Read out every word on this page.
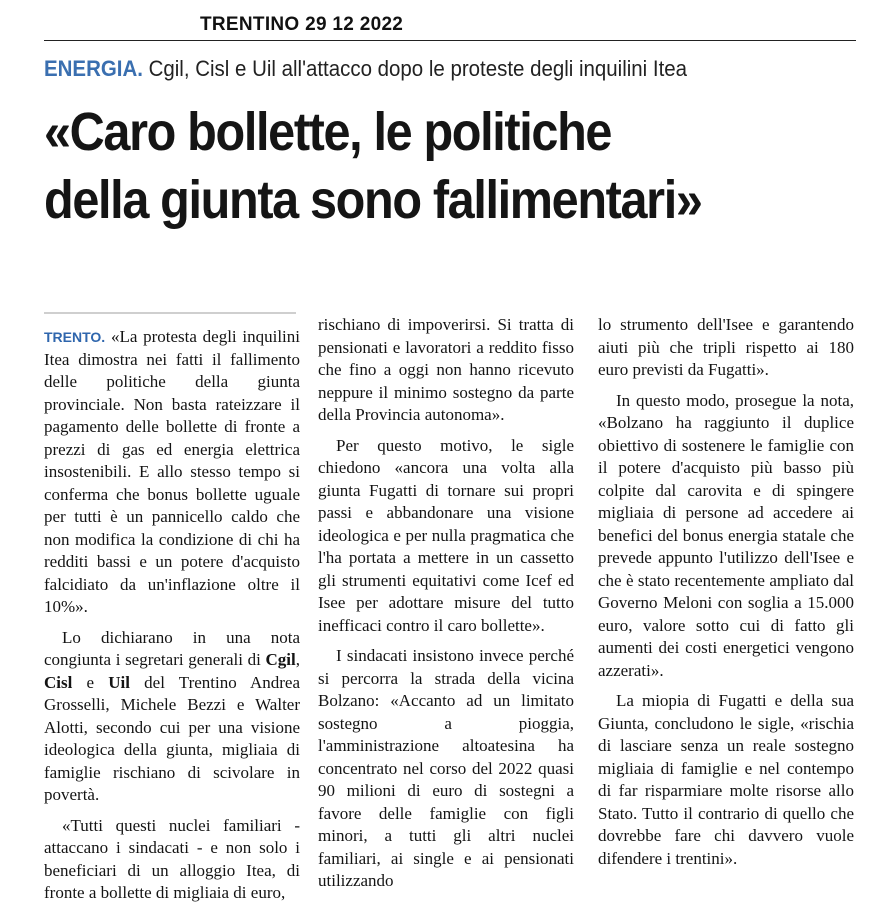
TRENTINO 29 12 2022
ENERGIA. Cgil, Cisl e Uil all'attacco dopo le proteste degli inquilini Itea
«Caro bollette, le politiche
della giunta sono fallimentari»

TRENTO. «La protesta degli inquilini Itea dimostra nei fatti il fallimento delle politiche della giunta provinciale. Non basta rateizzare il pagamento delle bollette di fronte a prezzi di gas ed energia elettrica insostenibili. E allo stesso tempo si conferma che bonus bollette uguale per tutti è un pannicello caldo che non modifica la condizione di chi ha redditi bassi e un potere d'acquisto falcidiato da un'inflazione oltre il 10%».

Lo dichiarano in una nota congiunta i segretari generali di Cgil, Cisl e Uil del Trentino Andrea Grosselli, Michele Bezzi e Walter Alotti, secondo cui per una visione ideologica della giunta, migliaia di famiglie rischiano di scivolare in povertà.

«Tutti questi nuclei familiari - attaccano i sindacati - e non solo i beneficiari di un alloggio Itea, di fronte a bollette di migliaia di euro,

rischiano di impoverirsi. Si tratta di pensionati e lavoratori a reddito fisso che fino a oggi non hanno ricevuto neppure il minimo sostegno da parte della Provincia autonoma».

Per questo motivo, le sigle chiedono «ancora una volta alla giunta Fugatti di tornare sui propri passi e abbandonare una visione ideologica e per nulla pragmatica che l'ha portata a mettere in un cassetto gli strumenti equitativi come Icef ed Isee per adottare misure del tutto inefficaci contro il caro bollette».

I sindacati insistono invece perché si percorra la strada della vicina Bolzano: «Accanto ad un limitato sostegno a pioggia, l'amministrazione altoatesina ha concentrato nel corso del 2022 quasi 90 milioni di euro di sostegni a favore delle famiglie con figli minori, a tutti gli altri nuclei familiari, ai single e ai pensionati utilizzando

lo strumento dell'Isee e garantendo aiuti più che tripli rispetto ai 180 euro previsti da Fugatti».

In questo modo, prosegue la nota, «Bolzano ha raggiunto il duplice obiettivo di sostenere le famiglie con il potere d'acquisto più basso più colpite dal carovita e di spingere migliaia di persone ad accedere ai benefici del bonus energia statale che prevede appunto l'utilizzo dell'Isee e che è stato recentemente ampliato dal Governo Meloni con soglia a 15.000 euro, valore sotto cui di fatto gli aumenti dei costi energetici vengono azzerati».

La miopia di Fugatti e della sua Giunta, concludono le sigle, «rischia di lasciare senza un reale sostegno migliaia di famiglie e nel contempo di far risparmiare molte risorse allo Stato. Tutto il contrario di quello che dovrebbe fare chi davvero vuole difendere i trentini».
